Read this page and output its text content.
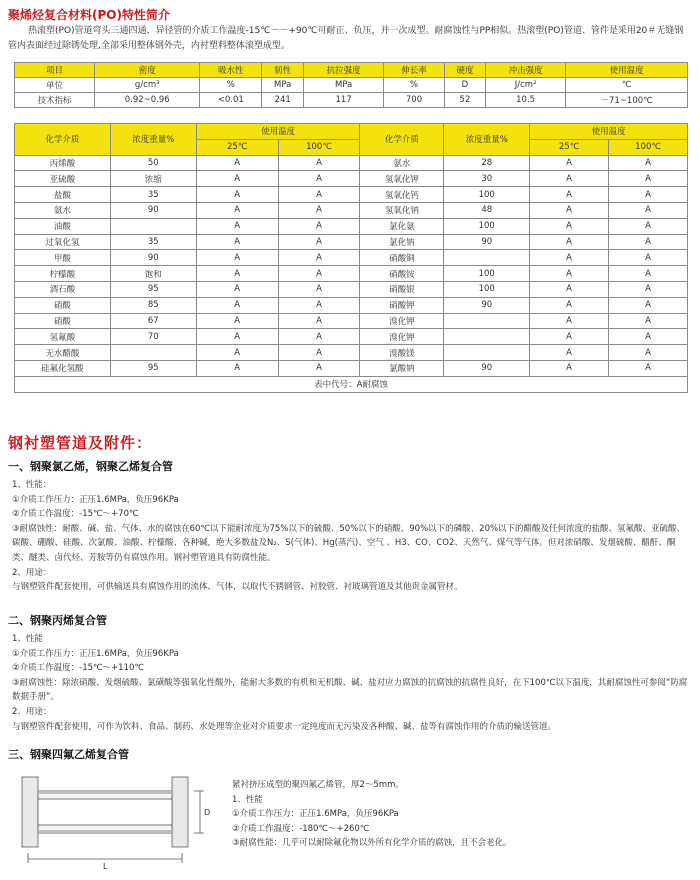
聚烯烃复合材料(PO)特性简介
热滚塑(PO)管道弯头三通四通、异径管的介质工作温度-15℃－－+90℃可耐正、负压，并一次成型。耐腐蚀性与PP相似。热滚塑(PO)管道、管件是采用20＃无缝钢管内表面经过除锈处理,全部采用整体钢外壳，内衬塑料整体滚塑成型。
项目	密度	吸水性	韧性	抗拉强度	伸长率	硬度	冲击强度	使用温度
单位	g/cm³	%	MPa	MPa	%	D	J/cm²	℃
技术指标	0.92~0.96	<0.01	241	117	700	52	10.5	－71~100℃
化学介质	浓度重量%	使用温度		化学介质	浓度重量%	使用温度	
		25℃	100℃			25℃	100℃
丙烯酸	50	A	A	氨水	28	A	A
亚硫酸	浓缩	A	A	氢氧化钾	30	A	A
盐酸	35	A	A	氢氧化钙	100	A	A
氨水	90	A	A	氢氧化钠	48	A	A
油酸		A	A	氯化氨	100	A	A
过氧化氢	35	A	A	氯化钠	90	A	A
甲酸	90	A	A	硝酸铜		A	A
柠檬酸	饱和	A	A	硝酸铵	100	A	A
酒石酸	95	A	A	硝酸银	100	A	A
硝酸	85	A	A	硝酸钾	90	A	A
硝酸	67	A	A	溴化钾		A	A
氢氟酸	70	A	A	溴化钾		A	A
无水醋酸		A	A	溴酸镁		A	A
硅氟化氢酸	95	A	A	氯酸钠	90	A	A
表中代号：A耐腐蚀							
钢衬塑管道及附件：
一、钢聚氯乙烯，钢聚乙烯复合管
1、性能：
①介质工作压力：正压1.6MPa，负压96KPa
②介质工作温度：-15℃～+70℃
③耐腐蚀性：耐酸、碱、盐、气体、水的腐蚀在60℃以下能耐浓度为75%以下的硫酸、50%以下的硝酸、90%以下的磷酸、20%以下的醋酸及任何浓度的盐酸、氢氟酸、亚硫酸、碳酸、硼酸、硅酸、次氯酸、油酸、柠檬酸、各种碱，绝大多数盐及N₂、S(气体)、Hg(蒸汽)、空气 、H3、CO、CO2、天然气、煤气等气体。但对浓硝酸、发烟硫酸、醋酐、酮类、醚类、卤代烃、芳胺等仍有腐蚀作用。钢衬塑管道具有防腐性能。
2、用途：
与钢塑管件配套使用，可供输送具有腐蚀作用的流体、气体，以取代不锈钢管、衬胶管、衬玻璃管道及其他贵金属管材。
二、钢聚丙烯复合管
1、性能
①介质工作压力：正压1.6MPa，负压96KPa
②介质工作温度：-15℃～+110℃
③耐腐蚀性：除浓硝酸、发烟硫酸、氯磺酸等强氧化性酸外，能耐大多数的有机和无机酸、碱、盐对应力腐蚀的抗腐蚀的抗腐性良好，在下100℃以下温度，其耐腐蚀性可参阅“防腐数据手册”。
2、用途：
与钢塑管件配套使用，可作为饮料、食品、制药、水处理等企业对介质要求一定纯度而无污染及各种酸、碱、盐等有腐蚀作用的介质的输送管道。
三、钢聚四氟乙烯复合管
D
L
紧衬挤压成型的聚四氟乙烯管，厚2～5mm。
1、性能
①介质工作压力：正压1.6MPa，负压96KPa
②介质工作温度：-180℃～+260℃
③耐腐性能：几乎可以耐除氟化物以外所有化学介质的腐蚀，且不会老化。
